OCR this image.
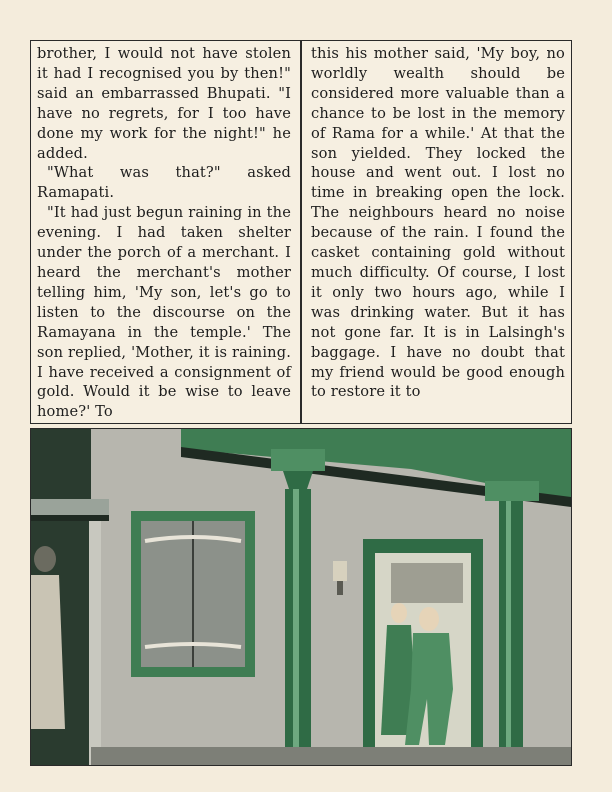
brother, I would not have stolen it had I recognised you by then!" said an embarrassed Bhupati. "I have no regrets, for I too have done my work for the night!" he added.

"What was that?" asked Ramapati.

"It had just begun raining in the evening. I had taken shelter under the porch of a merchant. I heard the merchant's mother telling him, 'My son, let's go to listen to the discourse on the Ramayana in the temple.' The son replied, 'Mother, it is raining. I have received a consignment of gold. Would it be wise to leave home?' To

this his mother said, 'My boy, no worldly wealth should be considered more valuable than a chance to be lost in the memory of Rama for a while.' At that the son yielded. They locked the house and went out. I lost no time in breaking open the lock. The neighbours heard no noise because of the rain. I found the casket containing gold without much difficulty. Of course, I lost it only two hours ago, while I was drinking water. But it has not gone far. It is in Lalsingh's baggage. I have no doubt that my friend would be good enough to restore it to
